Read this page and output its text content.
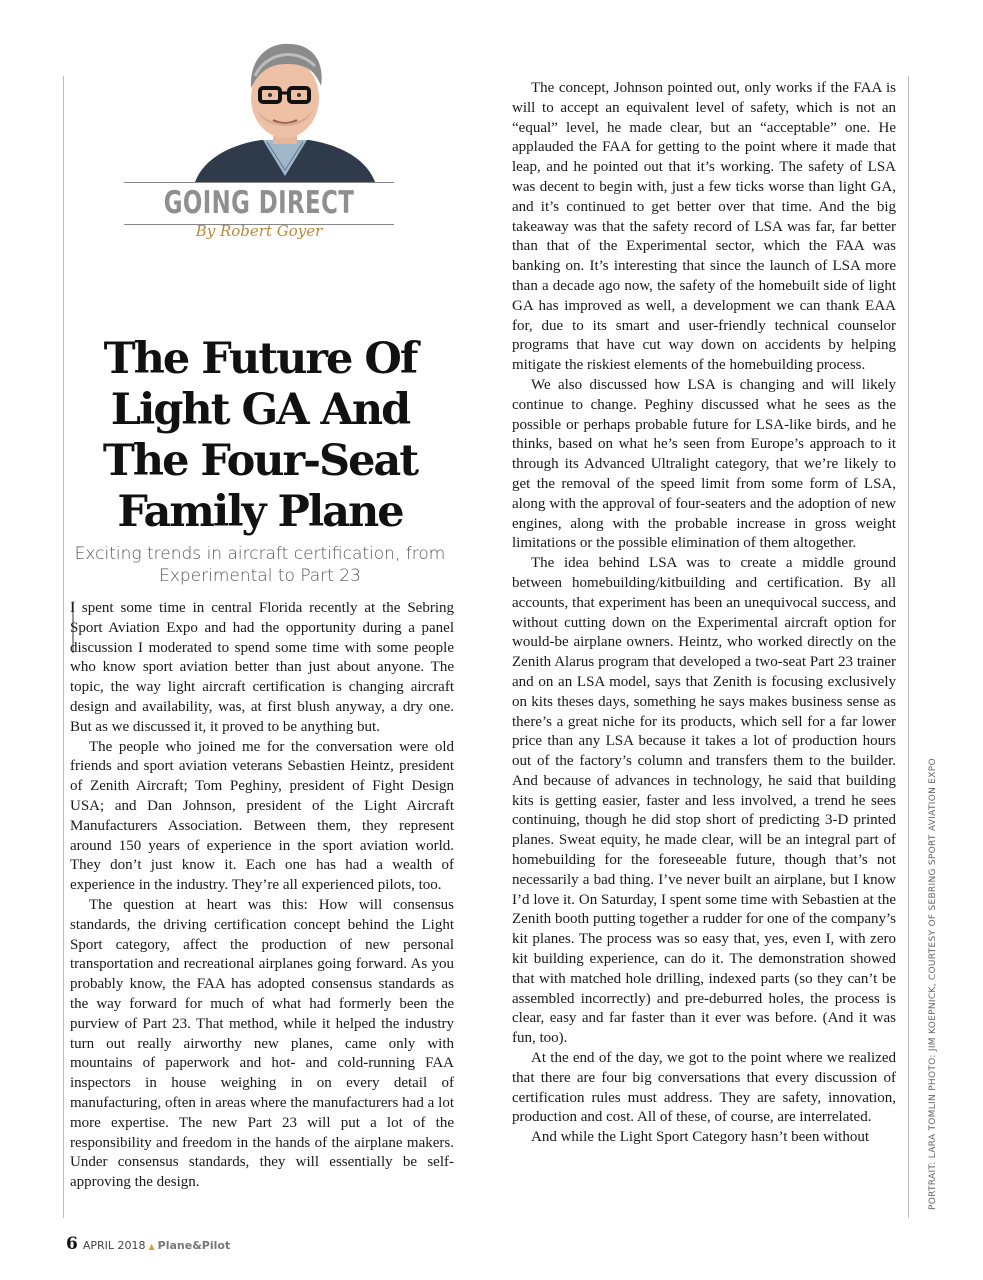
GOING DIRECT
By Robert Goyer
The Future Of Light GA And The Four-Seat Family Plane
Exciting trends in aircraft certification, from Experimental to Part 23

I spent some time in central Florida recently at the Sebring Sport Aviation Expo and had the opportunity during a panel discussion I moderated to spend some time with some people who know sport aviation better than just about anyone. The topic, the way light aircraft certification is changing aircraft design and availability, was, at first blush anyway, a dry one. But as we discussed it, it proved to be anything but.

The people who joined me for the conversation were old friends and sport aviation veterans Sebastien Heintz, president of Zenith Aircraft; Tom Peghiny, president of Fight Design USA; and Dan Johnson, president of the Light Aircraft Manufacturers Association. Between them, they represent around 150 years of experience in the sport aviation world. They don’t just know it. Each one has had a wealth of experience in the industry. They’re all experienced pilots, too.

The question at heart was this: How will consensus standards, the driving certification concept behind the Light Sport category, affect the production of new personal transportation and recreational airplanes going forward. As you probably know, the FAA has adopted consensus standards as the way forward for much of what had formerly been the purview of Part 23. That method, while it helped the industry turn out really airworthy new planes, came only with mountains of paperwork and hot- and cold-running FAA inspectors in house weighing in on every detail of manufacturing, often in areas where the manufacturers had a lot more expertise. The new Part 23 will put a lot of the responsibility and freedom in the hands of the airplane makers. Under consensus standards, they will essentially be self-approving the design.

The concept, Johnson pointed out, only works if the FAA is will to accept an equivalent level of safety, which is not an “equal” level, he made clear, but an “acceptable” one. He applauded the FAA for getting to the point where it made that leap, and he pointed out that it’s working. The safety of LSA was decent to begin with, just a few ticks worse than light GA, and it’s continued to get better over that time. And the big takeaway was that the safety record of LSA was far, far better than that of the Experimental sector, which the FAA was banking on. It’s interesting that since the launch of LSA more than a decade ago now, the safety of the homebuilt side of light GA has improved as well, a development we can thank EAA for, due to its smart and user-friendly technical counselor programs that have cut way down on accidents by helping mitigate the riskiest elements of the homebuilding process.

We also discussed how LSA is changing and will likely continue to change. Peghiny discussed what he sees as the possible or perhaps probable future for LSA-like birds, and he thinks, based on what he’s seen from Europe’s approach to it through its Advanced Ultralight category, that we’re likely to get the removal of the speed limit from some form of LSA, along with the approval of four-seaters and the adoption of new engines, along with the probable increase in gross weight limitations or the possible elimination of them altogether.

The idea behind LSA was to create a middle ground between homebuilding/kitbuilding and certification. By all accounts, that experiment has been an unequivocal success, and without cutting down on the Experimental aircraft option for would-be airplane owners. Heintz, who worked directly on the Zenith Alarus program that developed a two-seat Part 23 trainer and on an LSA model, says that Zenith is focusing exclusively on kits theses days, something he says makes business sense as there’s a great niche for its products, which sell for a far lower price than any LSA because it takes a lot of production hours out of the factory’s column and transfers them to the builder. And because of advances in technology, he said that building kits is getting easier, faster and less involved, a trend he sees continuing, though he did stop short of predicting 3-D printed planes. Sweat equity, he made clear, will be an integral part of homebuilding for the foreseeable future, though that’s not necessarily a bad thing. I’ve never built an airplane, but I know I’d love it. On Saturday, I spent some time with Sebastien at the Zenith booth putting together a rudder for one of the company’s kit planes. The process was so easy that, yes, even I, with zero kit building experience, can do it. The demonstration showed that with matched hole drilling, indexed parts (so they can’t be assembled incorrectly) and pre-deburred holes, the process is clear, easy and far faster than it ever was before. (And it was fun, too).

At the end of the day, we got to the point where we realized that there are four big conversations that every discussion of certification rules must address. They are safety, innovation, production and cost. All of these, of course, are interrelated.

And while the Light Sport Category hasn’t been without	PORTRAIT: LARA TOMLIN PHOTO: JIM KOEPNICK, COURTESY OF SEBRING SPORT AVIATION EXPO
6 APRIL 2018 ▲ Plane&Pilot
